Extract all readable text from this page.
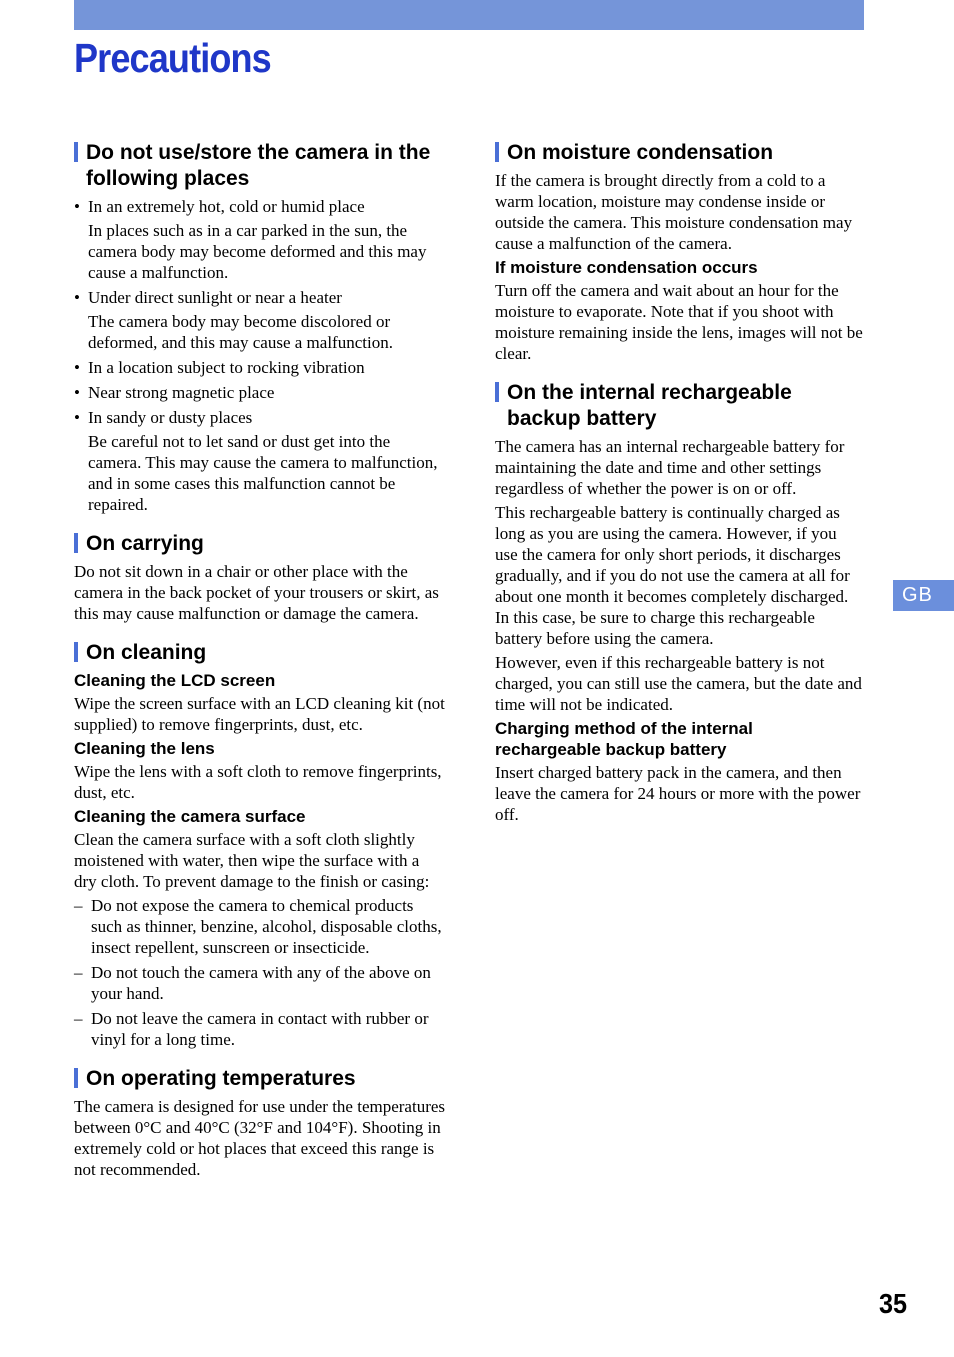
Precautions
Do not use/store the camera in the following places
• In an extremely hot, cold or humid place
In places such as in a car parked in the sun, the camera body may become deformed and this may cause a malfunction.
• Under direct sunlight or near a heater
The camera body may become discolored or deformed, and this may cause a malfunction.
• In a location subject to rocking vibration
• Near strong magnetic place
• In sandy or dusty places
Be careful not to let sand or dust get into the camera. This may cause the camera to malfunction, and in some cases this malfunction cannot be repaired.
On carrying

Do not sit down in a chair or other place with the camera in the back pocket of your trousers or skirt, as this may cause malfunction or damage the camera.

On cleaning
Cleaning the LCD screen

Wipe the screen surface with an LCD cleaning kit (not supplied) to remove fingerprints, dust, etc.

Cleaning the lens

Wipe the lens with a soft cloth to remove fingerprints, dust, etc.

Cleaning the camera surface

Clean the camera surface with a soft cloth slightly moistened with water, then wipe the surface with a dry cloth. To prevent damage to the finish or casing:

– Do not expose the camera to chemical products such as thinner, benzine, alcohol, disposable cloths, insect repellent, sunscreen or insecticide.
– Do not touch the camera with any of the above on your hand.
– Do not leave the camera in contact with rubber or vinyl for a long time.
On operating temperatures

The camera is designed for use under the temperatures between 0°C and 40°C (32°F and 104°F). Shooting in extremely cold or hot places that exceed this range is not recommended.

On moisture condensation

If the camera is brought directly from a cold to a warm location, moisture may condense inside or outside the camera. This moisture condensation may cause a malfunction of the camera.

If moisture condensation occurs

Turn off the camera and wait about an hour for the moisture to evaporate. Note that if you shoot with moisture remaining inside the lens, images will not be clear.

On the internal rechargeable backup battery

The camera has an internal rechargeable battery for maintaining the date and time and other settings regardless of whether the power is on or off.

This rechargeable battery is continually charged as long as you are using the camera. However, if you use the camera for only short periods, it discharges gradually, and if you do not use the camera at all for about one month it becomes completely discharged. In this case, be sure to charge this rechargeable battery before using the camera.

However, even if this rechargeable battery is not charged, you can still use the camera, but the date and time will not be indicated.

Charging method of the internal rechargeable backup battery

Insert charged battery pack in the camera, and then leave the camera for 24 hours or more with the power off.

GB
35
